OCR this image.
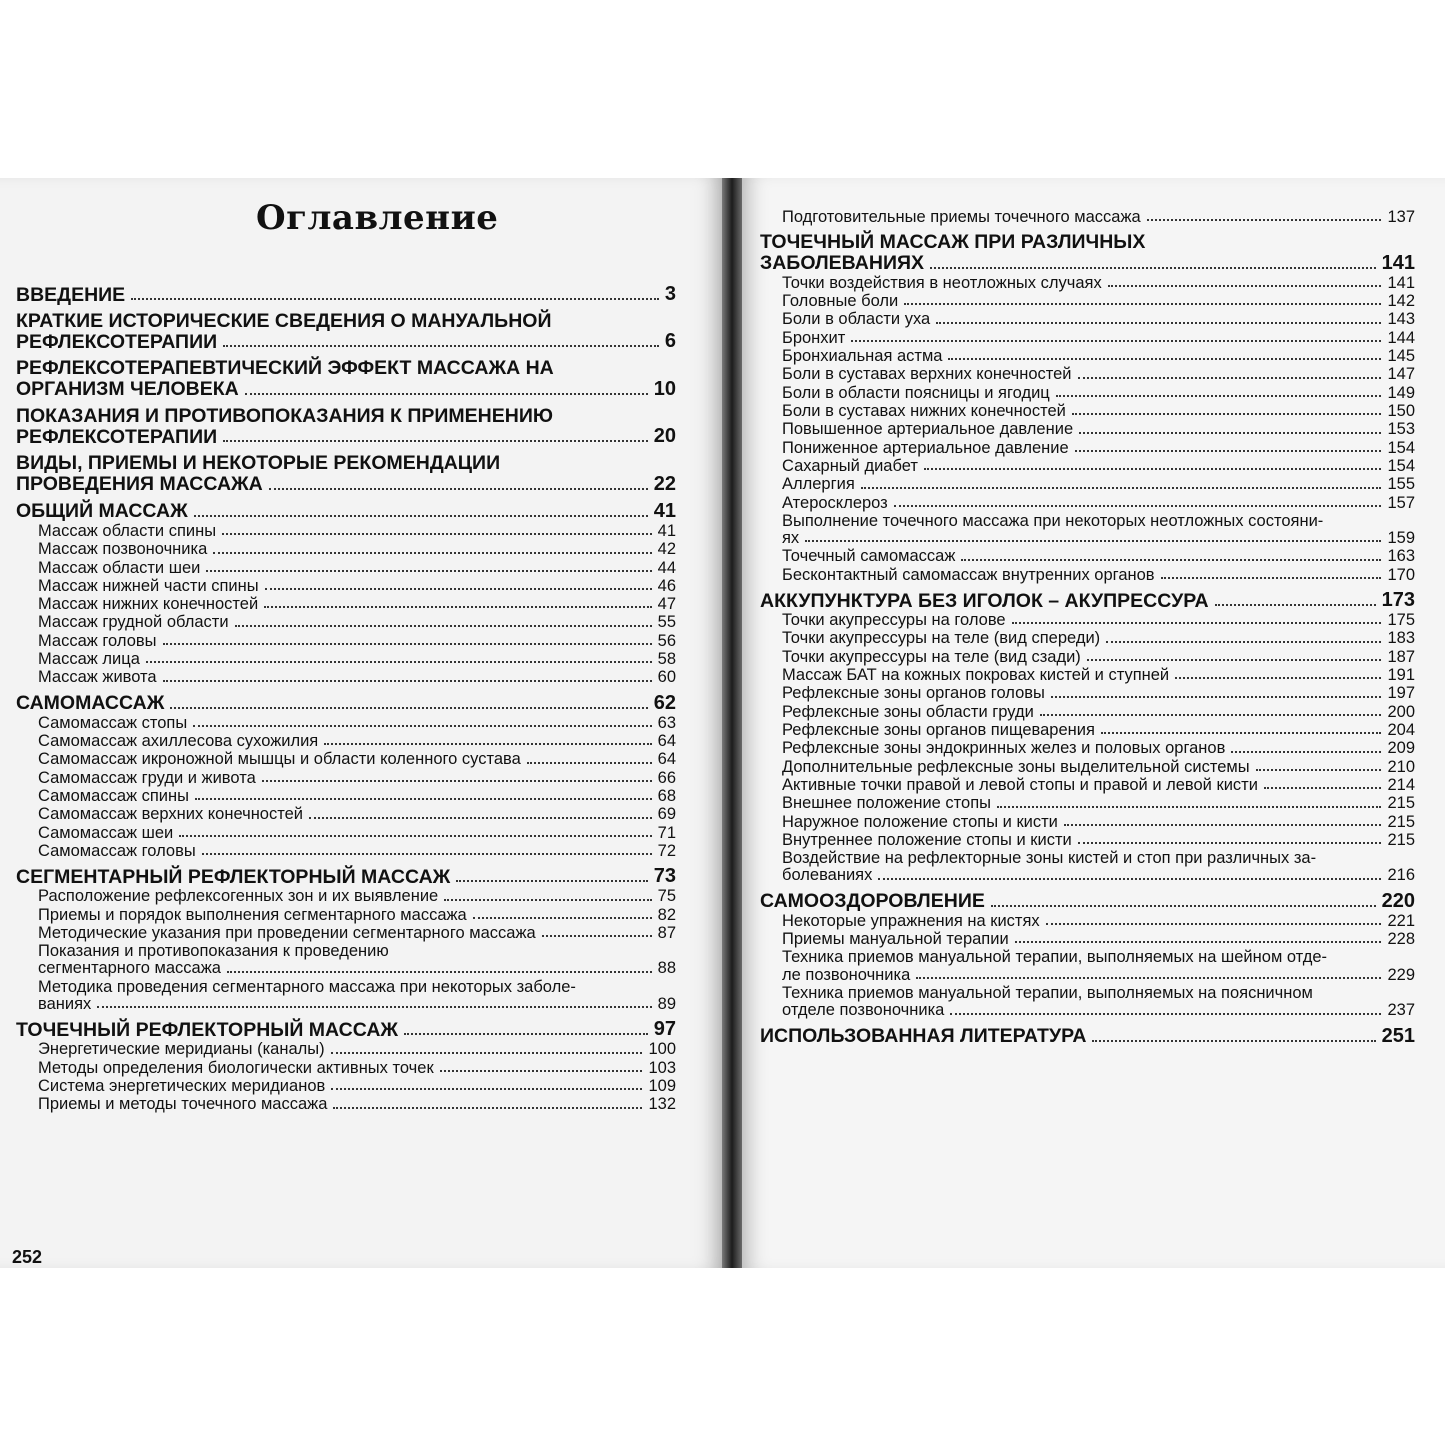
Оглавление
ВВЕДЕНИЕ	3
КРАТКИЕ ИСТОРИЧЕСКИЕ СВЕДЕНИЯ О МАНУАЛЬНОЙ
РЕФЛЕКСОТЕРАПИИ	6
РЕФЛЕКСОТЕРАПЕВТИЧЕСКИЙ ЭФФЕКТ МАССАЖА НА
ОРГАНИЗМ ЧЕЛОВЕКА	10
ПОКАЗАНИЯ И ПРОТИВОПОКАЗАНИЯ К ПРИМЕНЕНИЮ
РЕФЛЕКСОТЕРАПИИ	20
ВИДЫ, ПРИЕМЫ И НЕКОТОРЫЕ РЕКОМЕНДАЦИИ
ПРОВЕДЕНИЯ МАССАЖА	22
ОБЩИЙ МАССАЖ	41
Массаж области спины	41
Массаж позвоночника	42
Массаж области шеи	44
Массаж нижней части спины	46
Массаж нижних конечностей	47
Массаж грудной области	55
Массаж головы	56
Массаж лица	58
Массаж живота	60
САМОМАССАЖ	62
Самомассаж стопы	63
Самомассаж ахиллесова сухожилия	64
Самомассаж икроножной мышцы и области коленного сустава	64
Самомассаж груди и живота	66
Самомассаж спины	68
Самомассаж верхних конечностей	69
Самомассаж шеи	71
Самомассаж головы	72
СЕГМЕНТАРНЫЙ РЕФЛЕКТОРНЫЙ МАССАЖ	73
Расположение рефлексогенных зон и их выявление	75
Приемы и порядок выполнения сегментарного массажа	82
Методические указания при проведении сегментарного массажа	87
Показания и противопоказания к проведению
сегментарного массажа	88
Методика проведения сегментарного массажа при некоторых заболе-
ваниях	89
ТОЧЕЧНЫЙ РЕФЛЕКТОРНЫЙ МАССАЖ	97
Энергетические меридианы (каналы)	100
Методы определения биологически активных точек	103
Система энергетических меридианов	109
Приемы и методы точечного массажа	132
252
Подготовительные приемы точечного массажа	137
ТОЧЕЧНЫЙ МАССАЖ ПРИ РАЗЛИЧНЫХ
ЗАБОЛЕВАНИЯХ	141
Точки воздействия в неотложных случаях	141
Головные боли	142
Боли в области уха	143
Бронхит	144
Бронхиальная астма	145
Боли в суставах верхних конечностей	147
Боли в области поясницы и ягодиц	149
Боли в суставах нижних конечностей	150
Повышенное артериальное давление	153
Пониженное артериальное давление	154
Сахарный диабет	154
Аллергия	155
Атеросклероз	157
Выполнение точечного массажа при некоторых неотложных состояни-
ях	159
Точечный самомассаж	163
Бесконтактный самомассаж внутренних органов	170
АККУПУНКТУРА БЕЗ ИГОЛОК – АКУПРЕССУРА	173
Точки акупрессуры на голове	175
Точки акупрессуры на теле (вид спереди)	183
Точки акупрессуры на теле (вид сзади)	187
Массаж БАТ на кожных покровах кистей и ступней	191
Рефлексные зоны органов головы	197
Рефлексные зоны области груди	200
Рефлексные зоны органов пищеварения	204
Рефлексные зоны эндокринных желез и половых органов	209
Дополнительные рефлексные зоны выделительной системы	210
Активные точки правой и левой стопы и правой и левой кисти	214
Внешнее положение стопы	215
Наружное положение стопы и кисти	215
Внутреннее положение стопы и кисти	215
Воздействие на рефлекторные зоны кистей и стоп при различных за-
болеваниях	216
САМООЗДОРОВЛЕНИЕ	220
Некоторые упражнения на кистях	221
Приемы мануальной терапии	228
Техника приемов мануальной терапии, выполняемых на шейном отде-
ле позвоночника	229
Техника приемов мануальной терапии, выполняемых на поясничном
отделе позвоночника	237
ИСПОЛЬЗОВАННАЯ ЛИТЕРАТУРА	251
